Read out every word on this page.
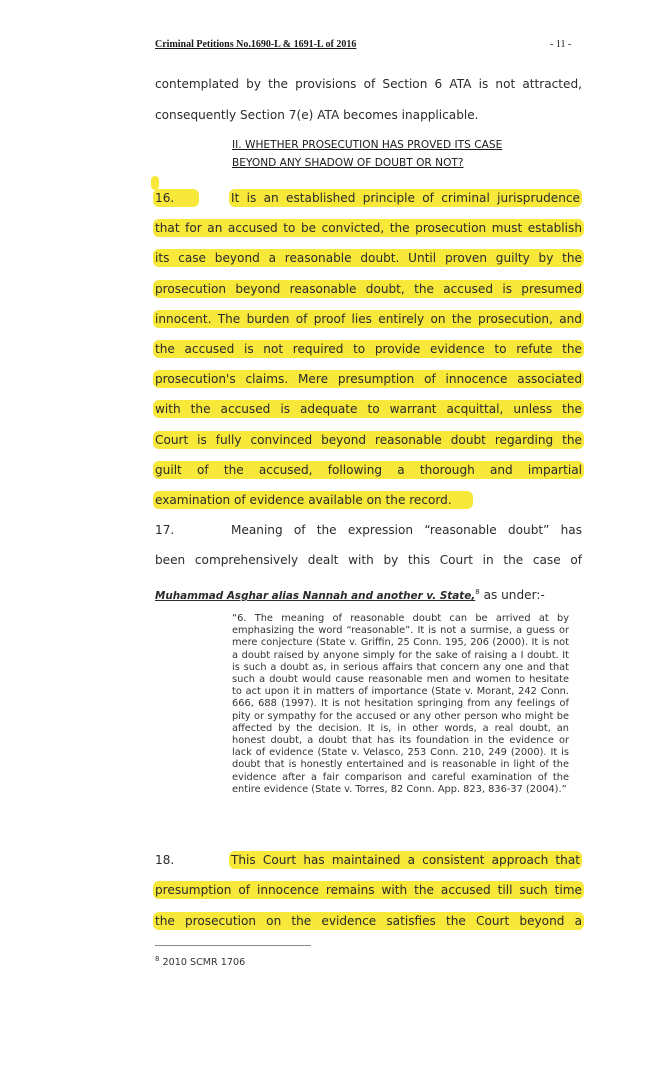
Criminal Petitions No.1690-L & 1691-L of 2016	- 11 -
contemplated by the provisions of Section 6 ATA is not attracted,
consequently Section 7(e) ATA becomes inapplicable.
II. WHETHER PROSECUTION HAS PROVED ITS CASE
BEYOND ANY SHADOW OF DOUBT OR NOT?
16.	It is an established principle of criminal jurisprudence
that for an accused to be convicted, the prosecution must establish
its case beyond a reasonable doubt. Until proven guilty by the
prosecution beyond reasonable doubt, the accused is presumed
innocent. The burden of proof lies entirely on the prosecution, and
the accused is not required to provide evidence to refute the
prosecution's claims. Mere presumption of innocence associated
with the accused is adequate to warrant acquittal, unless the
Court is fully convinced beyond reasonable doubt regarding the
guilt of the accused, following a thorough and impartial
examination of evidence available on the record.
17.	Meaning of the expression “reasonable doubt” has
been comprehensively dealt with by this Court in the case of
Muhammad Asghar alias Nannah and another v. State,$^8$ as under:-
“6. The meaning of reasonable doubt can be arrived at by emphasizing the word “reasonable”. It is not a surmise, a guess or mere conjecture (State v. Griffin, 25 Conn. 195, 206 (2000). It is not a doubt raised by anyone simply for the sake of raising a I doubt. It is such a doubt as, in serious affairs that concern any one and that such a doubt would cause reasonable men and women to hesitate to act upon it in matters of importance (State v. Morant, 242 Conn. 666, 688 (1997). It is not hesitation springing from any feelings of pity or sympathy for the accused or any other person who might be affected by the decision. It is, in other words, a real doubt, an honest doubt, a doubt that has its foundation in the evidence or lack of evidence (State v. Velasco, 253 Conn. 210, 249 (2000). It is doubt that is honestly entertained and is reasonable in light of the evidence after a fair comparison and careful examination of the entire evidence (State v. Torres, 82 Conn. App. 823, 836-37 (2004).”
18.	This Court has maintained a consistent approach that
presumption of innocence remains with the accused till such time
the prosecution on the evidence satisfies the Court beyond a
$^8$ 2010 SCMR 1706
